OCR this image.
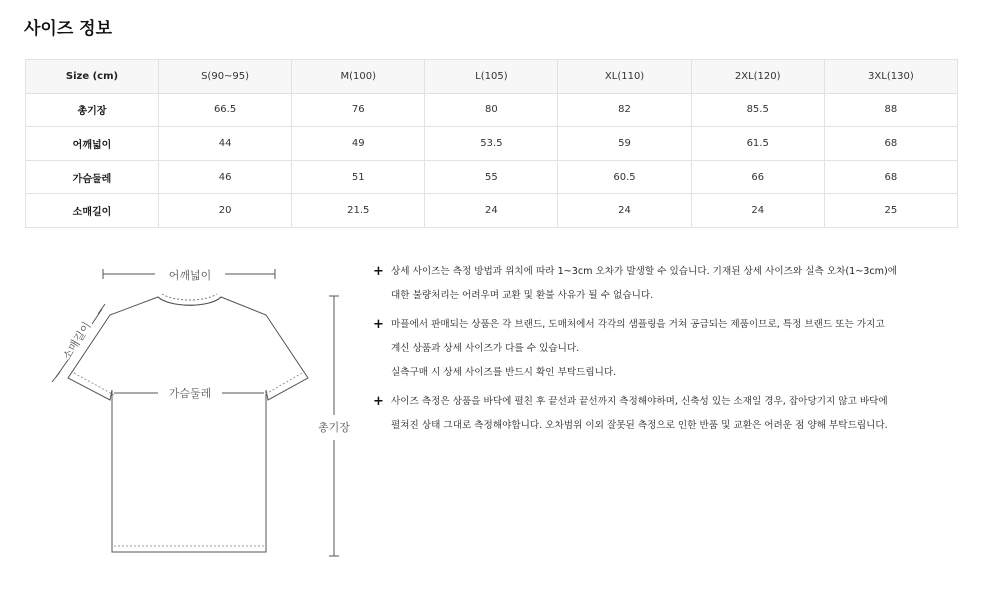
사이즈 정보
Size (cm)	S(90~95)	M(100)	L(105)	XL(110)	2XL(120)	3XL(130)
총기장	66.5	76	80	82	85.5	88
어깨넓이	44	49	53.5	59	61.5	68
가슴둘레	46	51	55	60.5	66	68
소매길이	20	21.5	24	24	24	25
어깨넓이
소매길이
가슴둘레
총기장
+ 상세 사이즈는 측정 방법과 위치에 따라 1~3cm 오차가 발생할 수 있습니다. 기재된 상세 사이즈와 실측 오차(1~3cm)에
대한 불량처리는 어려우며 교환 및 환불 사유가 될 수 없습니다.
+ 마플에서 판매되는 상품은 각 브랜드, 도매처에서 각각의 샘플링을 거쳐 공급되는 제품이므로, 특정 브랜드 또는 가지고
계신 상품과 상세 사이즈가 다를 수 있습니다.
실측구매 시 상세 사이즈를 반드시 확인 부탁드립니다.
+ 사이즈 측정은 상품을 바닥에 펼친 후 끝선과 끝선까지 측정해야하며, 신축성 있는 소재일 경우, 잡아당기지 않고 바닥에
펼쳐진 상태 그대로 측정해야합니다. 오차범위 이외 잘못된 측정으로 인한 반품 및 교환은 어려운 점 양해 부탁드립니다.
